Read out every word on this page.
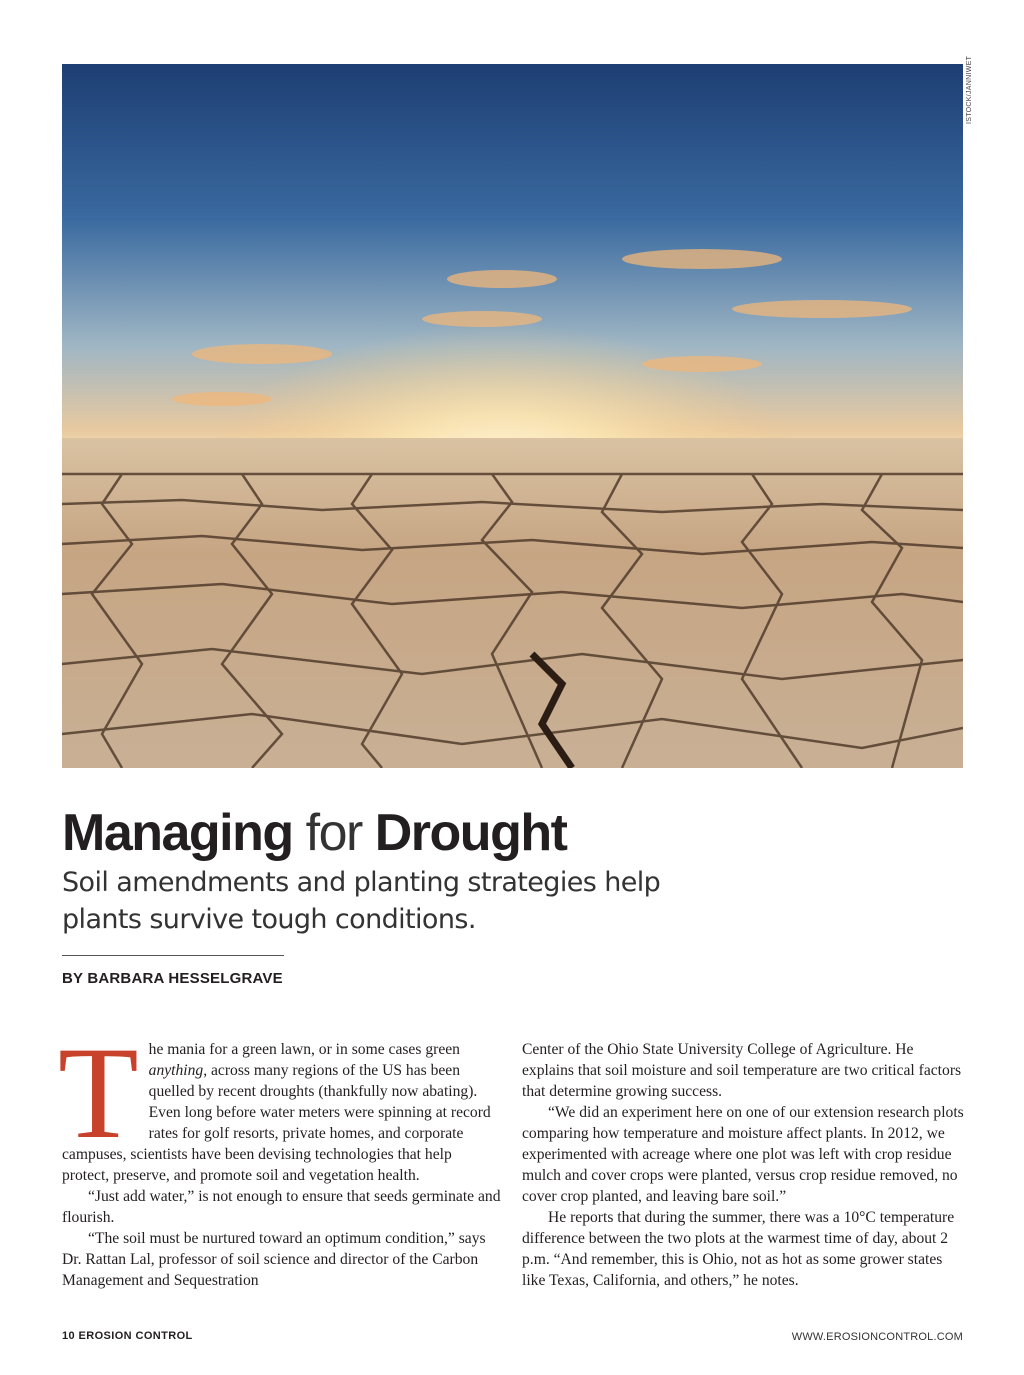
ISTOCK/JANNIWET
Managing for Drought
Soil amendments and planting strategies help plants survive tough conditions.
BY BARBARA HESSELGRAVE

The mania for a green lawn, or in some cases green anything, across many regions of the US has been quelled by recent droughts (thankfully now abating). Even long before water meters were spinning at record rates for golf resorts, private homes, and corporate campuses, scientists have been devising technologies that help protect, preserve, and promote soil and vegetation health.

“Just add water,” is not enough to ensure that seeds germinate and flourish.

“The soil must be nurtured toward an optimum condition,” says Dr. Rattan Lal, professor of soil science and director of the Carbon Management and Sequestration

Center of the Ohio State University College of Agriculture. He explains that soil moisture and soil temperature are two critical factors that determine growing success.

“We did an experiment here on one of our extension research plots comparing how temperature and moisture affect plants. In 2012, we experimented with acreage where one plot was left with crop residue mulch and cover crops were planted, versus crop residue removed, no cover crop planted, and leaving bare soil.”

He reports that during the summer, there was a 10°C temperature difference between the two plots at the warmest time of day, about 2 p.m. “And remember, this is Ohio, not as hot as some grower states like Texas, California, and others,” he notes.

10 EROSION CONTROL	WWW.EROSIONCONTROL.COM
